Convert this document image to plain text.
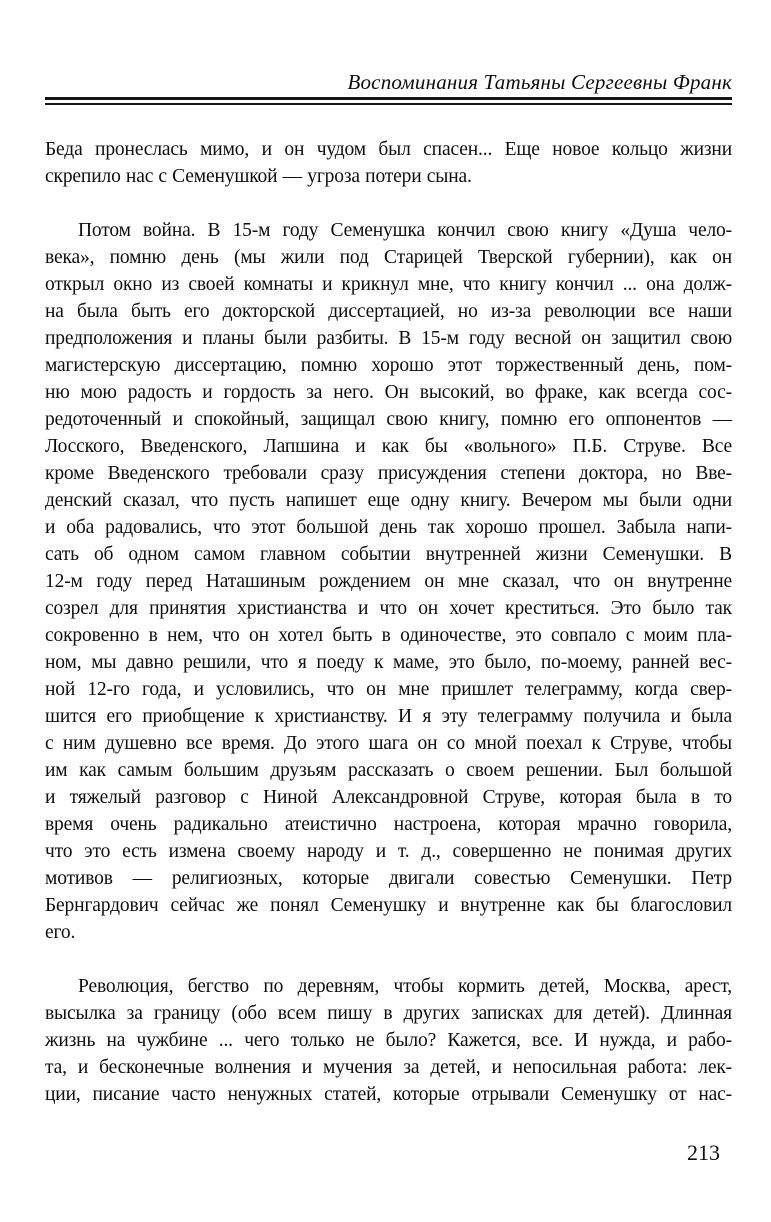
Воспоминания Татьяны Сергеевны Франк
Беда пронеслась мимо, и он чудом был спасен... Еще новое кольцо жизни
скрепило нас с Семенушкой — угроза потери сына.
Потом война. В 15-м году Семенушка кончил свою книгу «Душа чело-
века», помню день (мы жили под Старицей Тверской губернии), как он
открыл окно из своей комнаты и крикнул мне, что книгу кончил ... она долж-
на была быть его докторской диссертацией, но из-за революции все наши
предположения и планы были разбиты. В 15-м году весной он защитил свою
магистерскую диссертацию, помню хорошо этот торжественный день, пом-
ню мою радость и гордость за него. Он высокий, во фраке, как всегда сос-
редоточенный и спокойный, защищал свою книгу, помню его оппонентов —
Лосского, Введенского, Лапшина и как бы «вольного» П.Б. Струве. Все
кроме Введенского требовали сразу присуждения степени доктора, но Вве-
денский сказал, что пусть напишет еще одну книгу. Вечером мы были одни
и оба радовались, что этот большой день так хорошо прошел. Забыла напи-
сать об одном самом главном событии внутренней жизни Семенушки. В
12-м году перед Наташиным рождением он мне сказал, что он внутренне
созрел для принятия христианства и что он хочет креститься. Это было так
сокровенно в нем, что он хотел быть в одиночестве, это совпало с моим пла-
ном, мы давно решили, что я поеду к маме, это было, по-моему, ранней вес-
ной 12-го года, и условились, что он мне пришлет телеграмму, когда свер-
шится его приобщение к христианству. И я эту телеграмму получила и была
с ним душевно все время. До этого шага он со мной поехал к Струве, чтобы
им как самым большим друзьям рассказать о своем решении. Был большой
и тяжелый разговор с Ниной Александровной Струве, которая была в то
время очень радикально атеистично настроена, которая мрачно говорила,
что это есть измена своему народу и т. д., совершенно не понимая других
мотивов — религиозных, которые двигали совестью Семенушки. Петр
Бернгардович сейчас же понял Семенушку и внутренне как бы благословил
его.
Революция, бегство по деревням, чтобы кормить детей, Москва, арест,
высылка за границу (обо всем пишу в других записках для детей). Длинная
жизнь на чужбине ... чего только не было? Кажется, все. И нужда, и рабо-
та, и бесконечные волнения и мучения за детей, и непосильная работа: лек-
ции, писание часто ненужных статей, которые отрывали Семенушку от нас-
213
